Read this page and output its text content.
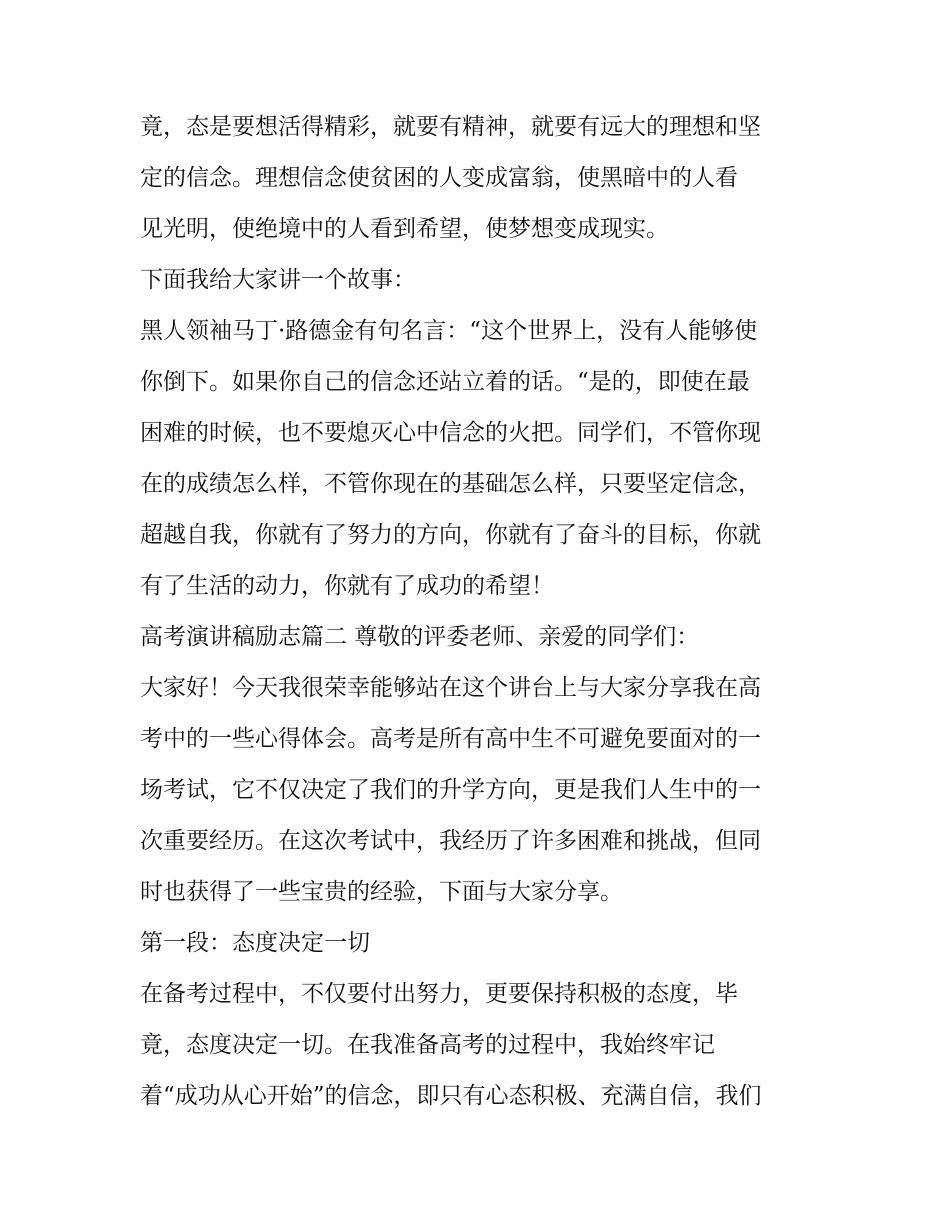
竟，态是要想活得精彩，就要有精神，就要有远大的理想和坚

定的信念。理想信念使贫困的人变成富翁，使黑暗中的人看

见光明，使绝境中的人看到希望，使梦想变成现实。

下面我给大家讲一个故事：

黑人领袖马丁·路德金有句名言：“这个世界上，没有人能够使

你倒下。如果你自己的信念还站立着的话。“是的，即使在最

困难的时候，也不要熄灭心中信念的火把。同学们，不管你现

在的成绩怎么样，不管你现在的基础怎么样，只要坚定信念，

超越自我，你就有了努力的方向，你就有了奋斗的目标，你就

有了生活的动力，你就有了成功的希望！

高考演讲稿励志篇二 尊敬的评委老师、亲爱的同学们：

大家好！今天我很荣幸能够站在这个讲台上与大家分享我在高

考中的一些心得体会。高考是所有高中生不可避免要面对的一

场考试，它不仅决定了我们的升学方向，更是我们人生中的一

次重要经历。在这次考试中，我经历了许多困难和挑战，但同

时也获得了一些宝贵的经验，下面与大家分享。

第一段：态度决定一切

在备考过程中，不仅要付出努力，更要保持积极的态度，毕

竟，态度决定一切。在我准备高考的过程中，我始终牢记

着“成功从心开始”的信念，即只有心态积极、充满自信，我们
